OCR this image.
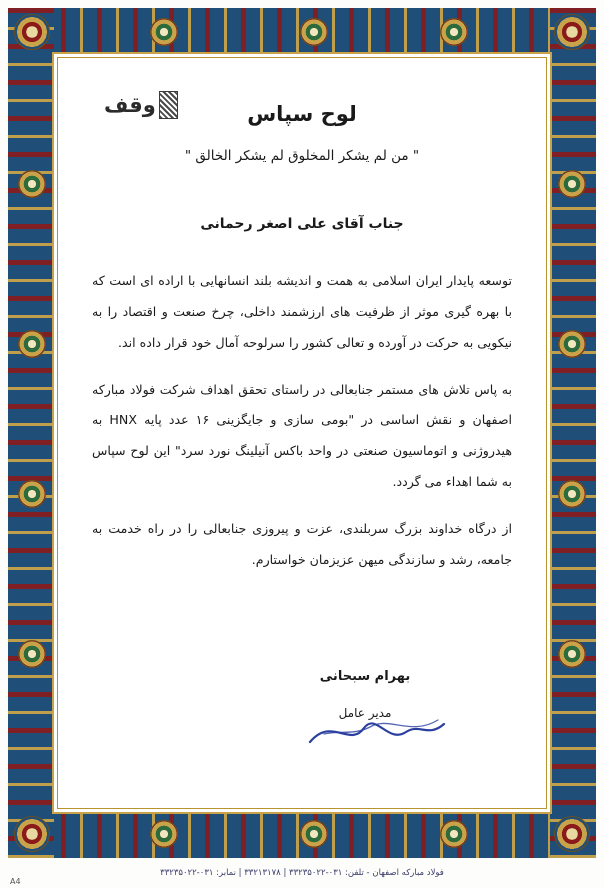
وقف	لوح سپاس
" من لم یشکر المخلوق لم یشکر الخالق "
جناب آقای علی اصغر رحمانی

توسعه پایدار ایران اسلامی به همت و اندیشه بلند انسانهایی با اراده ای است که با بهره گیری موثر از ظرفیت های ارزشمند داخلی، چرخ صنعت و اقتصاد را به نیکویی به حرکت در آورده و تعالی کشور را سرلوحه آمال خود قرار داده اند.

به پاس تلاش های مستمر جنابعالی در راستای تحقق اهداف شرکت فولاد مبارکه اصفهان و نقش اساسی در "بومی سازی و جایگزینی ۱۶ عدد پایه HNX به هیدروژنی و اتوماسیون صنعتی در واحد باکس آنیلینگ نورد سرد" این لوح سپاس به شما اهداء می گردد.

از درگاه خداوند بزرگ سربلندی، عزت و پیروزی جنابعالی را در راه خدمت به جامعه، رشد و سازندگی میهن عزیزمان خواستارم.

بهرام سبحانی
مدیر عامل
فولاد مبارکه اصفهان - تلفن: ۰۳۱-۳۳۲۳۵۰۲۲ | ۳۳۲۱۳۱۷۸ | نمابر: ۰۳۱-۳۳۲۳۵۰۲۲
A4
